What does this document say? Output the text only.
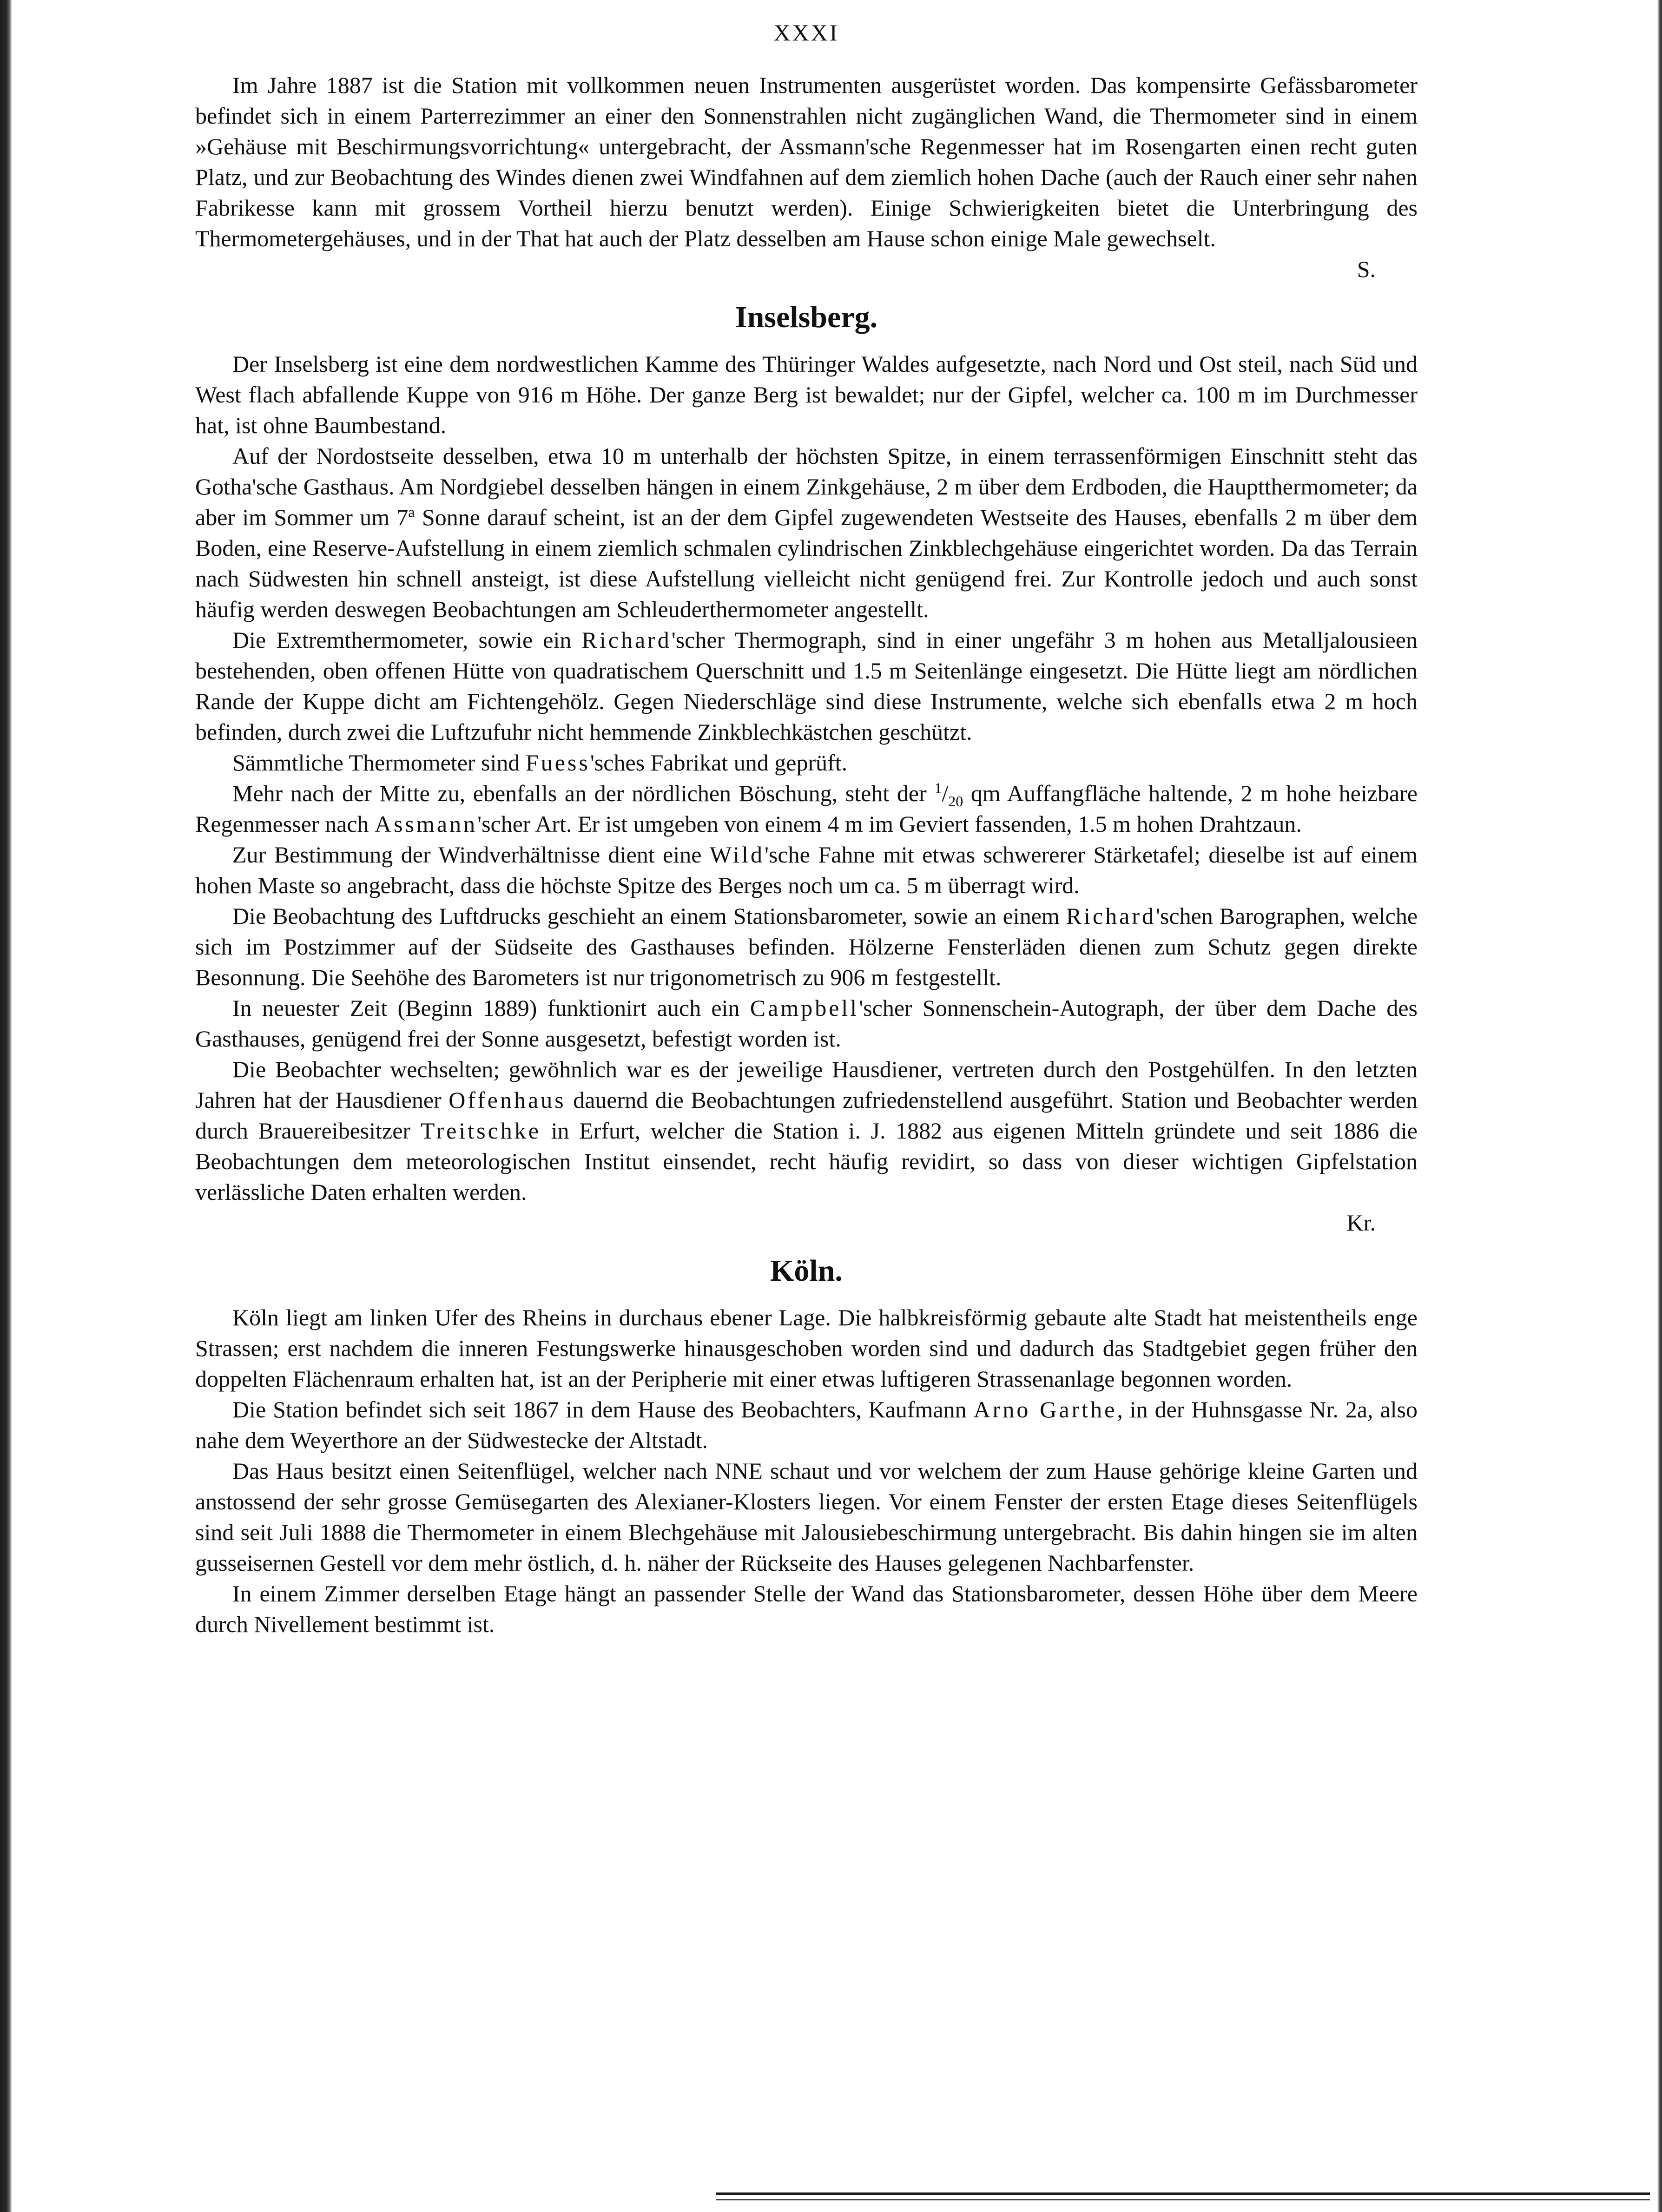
XXXI

Im Jahre 1887 ist die Station mit vollkommen neuen Instrumenten ausgerüstet worden. Das kompensirte Gefässbarometer befindet sich in einem Parterrezimmer an einer den Sonnenstrahlen nicht zugänglichen Wand, die Thermometer sind in einem »Gehäuse mit Beschirmungsvorrichtung« untergebracht, der Assmann'sche Regenmesser hat im Rosengarten einen recht guten Platz, und zur Beobachtung des Windes dienen zwei Windfahnen auf dem ziemlich hohen Dache (auch der Rauch einer sehr nahen Fabrikesse kann mit grossem Vortheil hierzu benutzt werden). Einige Schwierigkeiten bietet die Unterbringung des Thermometergehäuses, und in der That hat auch der Platz desselben am Hause schon einige Male gewechselt.

S.
Inselsberg.

Der Inselsberg ist eine dem nordwestlichen Kamme des Thüringer Waldes aufgesetzte, nach Nord und Ost steil, nach Süd und West flach abfallende Kuppe von 916 m Höhe. Der ganze Berg ist bewaldet; nur der Gipfel, welcher ca. 100 m im Durchmesser hat, ist ohne Baumbestand.

Auf der Nordostseite desselben, etwa 10 m unterhalb der höchsten Spitze, in einem terrassenförmigen Einschnitt steht das Gotha'sche Gasthaus. Am Nordgiebel desselben hängen in einem Zinkgehäuse, 2 m über dem Erdboden, die Hauptthermometer; da aber im Sommer um 7$^a$ Sonne darauf scheint, ist an der dem Gipfel zugewendeten Westseite des Hauses, ebenfalls 2 m über dem Boden, eine Reserve-Aufstellung in einem ziemlich schmalen cylindrischen Zinkblechgehäuse eingerichtet worden. Da das Terrain nach Südwesten hin schnell ansteigt, ist diese Aufstellung vielleicht nicht genügend frei. Zur Kontrolle jedoch und auch sonst häufig werden deswegen Beobachtungen am Schleuderthermometer angestellt.

Die Extremthermometer, sowie ein Richard'scher Thermograph, sind in einer ungefähr 3 m hohen aus Metalljalousieen bestehenden, oben offenen Hütte von quadratischem Querschnitt und 1.5 m Seitenlänge eingesetzt. Die Hütte liegt am nördlichen Rande der Kuppe dicht am Fichtengehölz. Gegen Niederschläge sind diese Instrumente, welche sich ebenfalls etwa 2 m hoch befinden, durch zwei die Luftzufuhr nicht hemmende Zinkblechkästchen geschützt.

Sämmtliche Thermometer sind Fuess'sches Fabrikat und geprüft.

Mehr nach der Mitte zu, ebenfalls an der nördlichen Böschung, steht der $^1/_{20}$ qm Auffangfläche haltende, 2 m hohe heizbare Regenmesser nach Assmann'scher Art. Er ist umgeben von einem 4 m im Geviert fassenden, 1.5 m hohen Drahtzaun.

Zur Bestimmung der Windverhältnisse dient eine Wild'sche Fahne mit etwas schwererer Stärketafel; dieselbe ist auf einem hohen Maste so angebracht, dass die höchste Spitze des Berges noch um ca. 5 m überragt wird.

Die Beobachtung des Luftdrucks geschieht an einem Stationsbarometer, sowie an einem Richard'schen Barographen, welche sich im Postzimmer auf der Südseite des Gasthauses befinden. Hölzerne Fensterläden dienen zum Schutz gegen direkte Besonnung. Die Seehöhe des Barometers ist nur trigonometrisch zu 906 m festgestellt.

In neuester Zeit (Beginn 1889) funktionirt auch ein Campbell'scher Sonnenschein-Autograph, der über dem Dache des Gasthauses, genügend frei der Sonne ausgesetzt, befestigt worden ist.

Die Beobachter wechselten; gewöhnlich war es der jeweilige Hausdiener, vertreten durch den Postgehülfen. In den letzten Jahren hat der Hausdiener Offenhaus dauernd die Beobachtungen zufriedenstellend ausgeführt. Station und Beobachter werden durch Brauereibesitzer Treitschke in Erfurt, welcher die Station i. J. 1882 aus eigenen Mitteln gründete und seit 1886 die Beobachtungen dem meteorologischen Institut einsendet, recht häufig revidirt, so dass von dieser wichtigen Gipfelstation verlässliche Daten erhalten werden.

Kr.
Köln.

Köln liegt am linken Ufer des Rheins in durchaus ebener Lage. Die halbkreisförmig gebaute alte Stadt hat meistentheils enge Strassen; erst nachdem die inneren Festungswerke hinausgeschoben worden sind und dadurch das Stadtgebiet gegen früher den doppelten Flächenraum erhalten hat, ist an der Peripherie mit einer etwas luftigeren Strassenanlage begonnen worden.

Die Station befindet sich seit 1867 in dem Hause des Beobachters, Kaufmann Arno Garthe, in der Huhnsgasse Nr. 2a, also nahe dem Weyerthore an der Südwestecke der Altstadt.

Das Haus besitzt einen Seitenflügel, welcher nach NNE schaut und vor welchem der zum Hause gehörige kleine Garten und anstossend der sehr grosse Gemüsegarten des Alexianer-Klosters liegen. Vor einem Fenster der ersten Etage dieses Seitenflügels sind seit Juli 1888 die Thermometer in einem Blechgehäuse mit Jalousiebeschirmung untergebracht. Bis dahin hingen sie im alten gusseisernen Gestell vor dem mehr östlich, d. h. näher der Rückseite des Hauses gelegenen Nachbarfenster.

In einem Zimmer derselben Etage hängt an passender Stelle der Wand das Stationsbarometer, dessen Höhe über dem Meere durch Nivellement bestimmt ist.
